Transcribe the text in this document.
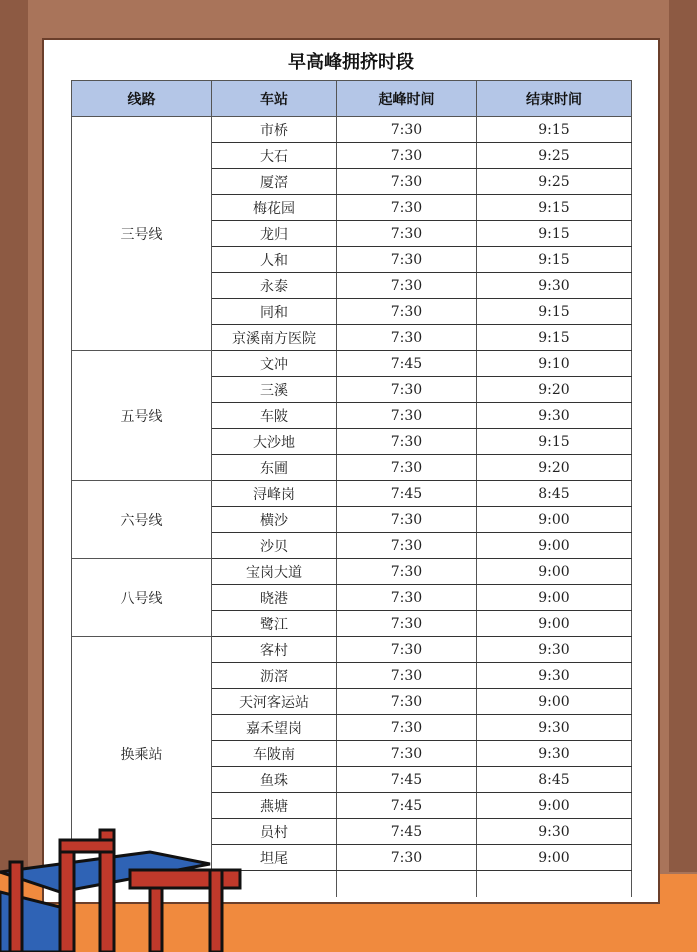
早高峰拥挤时段
线路	车站	起峰时间	结束时间
三号线	市桥	7:30	9:15
	大石	7:30	9:25
	厦滘	7:30	9:25
	梅花园	7:30	9:15
	龙归	7:30	9:15
	人和	7:30	9:15
	永泰	7:30	9:30
	同和	7:30	9:15
	京溪南方医院	7:30	9:15
五号线	文冲	7:45	9:10
	三溪	7:30	9:20
	车陂	7:30	9:30
	大沙地	7:30	9:15
	东圃	7:30	9:20
六号线	浔峰岗	7:45	8:45
	横沙	7:30	9:00
	沙贝	7:30	9:00
八号线	宝岗大道	7:30	9:00
	晓港	7:30	9:00
	鹭江	7:30	9:00
换乘站	客村	7:30	9:30
	沥滘	7:30	9:30
	天河客运站	7:30	9:00
	嘉禾望岗	7:30	9:30
	车陂南	7:30	9:30
	鱼珠	7:45	8:45
	燕塘	7:45	9:00
	员村	7:45	9:30
	坦尾	7:30	9:00
